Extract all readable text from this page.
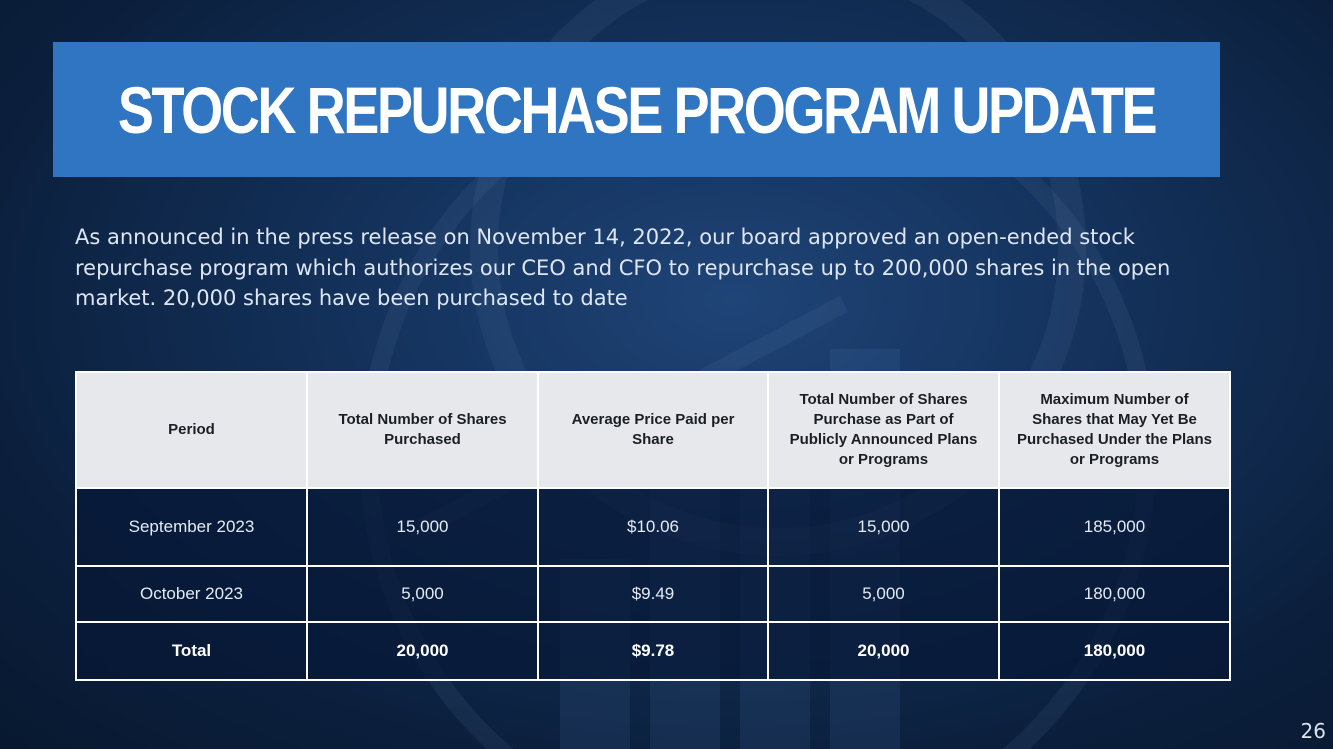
STOCK REPURCHASE PROGRAM UPDATE
As announced in the press release on November 14, 2022, our board approved an open-ended stock repurchase program which authorizes our CEO and CFO to repurchase up to 200,000 shares in the open market. 20,000 shares have been purchased to date
Period	Total Number of Shares Purchased	Average Price Paid per Share	Total Number of Shares Purchase as Part of Publicly Announced Plans or Programs	Maximum Number of Shares that May Yet Be Purchased Under the Plans or Programs
September 2023	15,000	$10.06	15,000	185,000
October 2023	5,000	$9.49	5,000	180,000
Total	20,000	$9.78	20,000	180,000
26
